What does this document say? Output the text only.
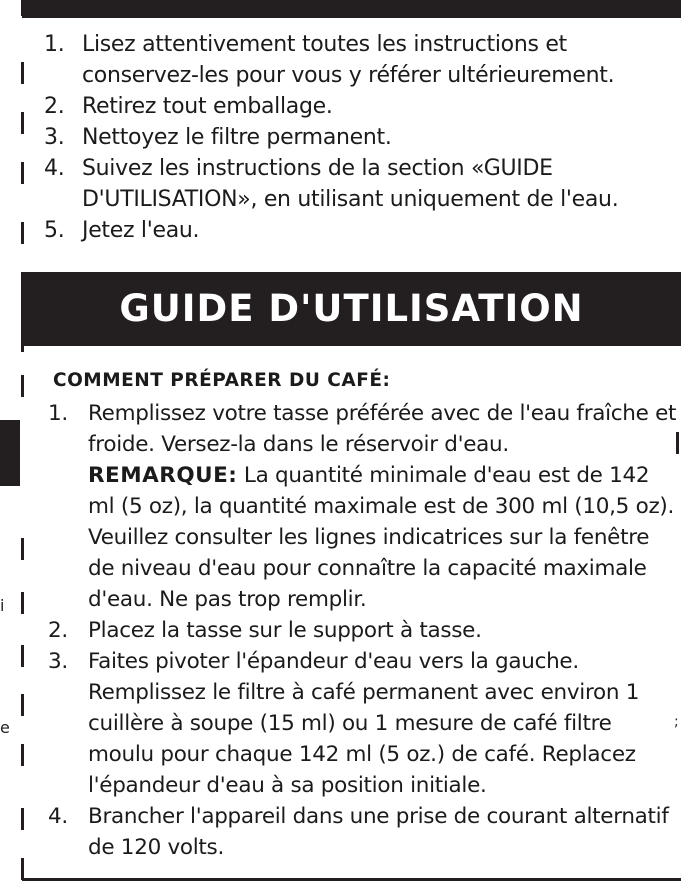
i
e	;
1. Lisez attentivement toutes les instructions et conservez-les pour vous y référer ultérieurement.
2. Retirez tout emballage.
3. Nettoyez le filtre permanent.
4. Suivez les instructions de la section «GUIDE D'UTILISATION», en utilisant uniquement de l'eau.
5. Jetez l'eau.
GUIDE D'UTILISATION
COMMENT PRÉPARER DU CAFÉ:
1. Remplissez votre tasse préférée avec de l'eau fraîche et froide. Versez-la dans le réservoir d'eau.
REMARQUE: La quantité minimale d'eau est de 142 ml (5 oz), la quantité maximale est de 300 ml (10,5 oz). Veuillez consulter les lignes indicatrices sur la fenêtre de niveau d'eau pour connaître la capacité maximale d'eau. Ne pas trop remplir.
2. Placez la tasse sur le support à tasse.
3. Faites pivoter l'épandeur d'eau vers la gauche. Remplissez le filtre à café permanent avec environ 1 cuillère à soupe (15 ml) ou 1 mesure de café filtre moulu pour chaque 142 ml (5 oz.) de café. Replacez l'épandeur d'eau à sa position initiale.
4. Brancher l'appareil dans une prise de courant alternatif de 120 volts.
